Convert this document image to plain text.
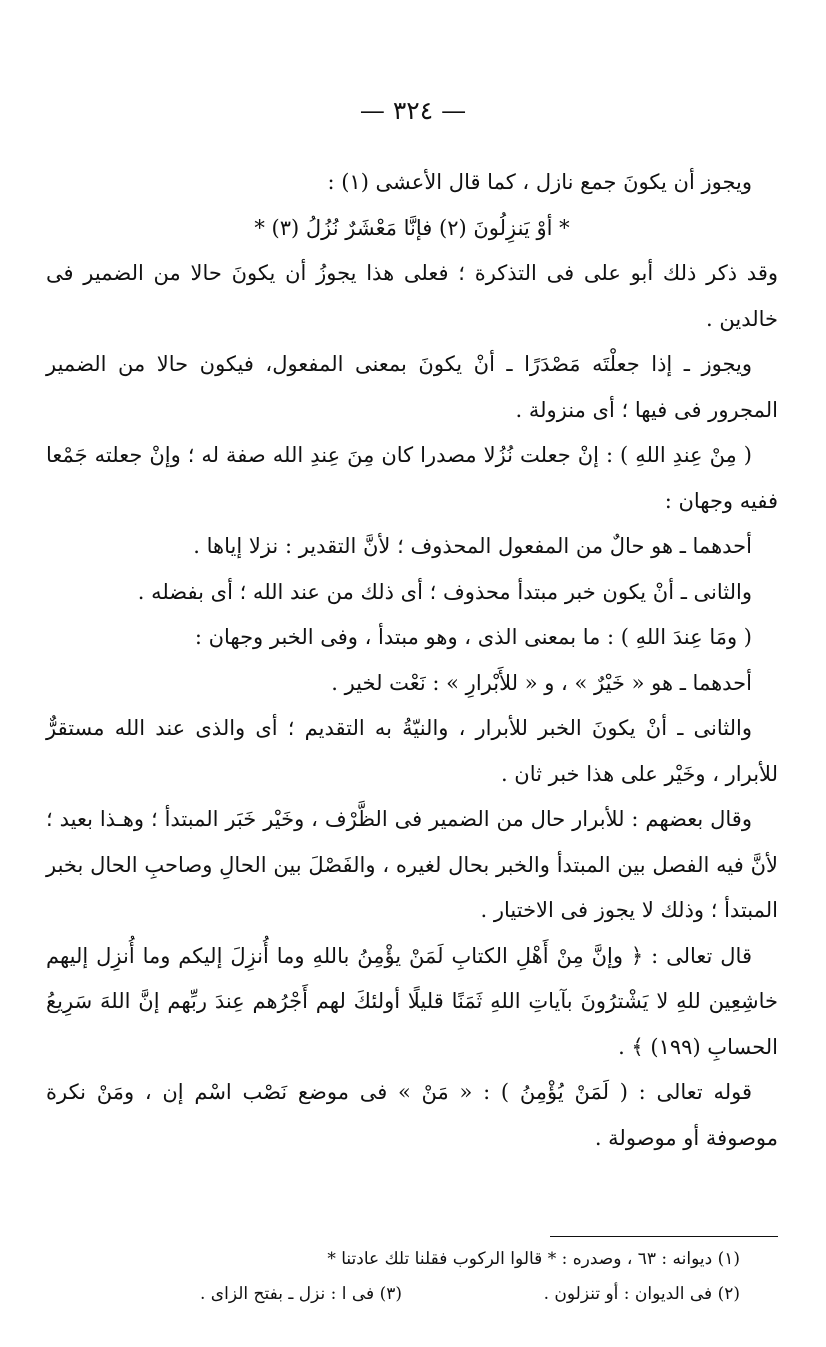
— ٣٢٤ —

ويجوز أن يكونَ جمع نازل ، كما قال الأعشى (١) :

* أوْ يَنزِلُونَ (٢) فإنَّا مَعْشَرٌ نُزُلُ (٣) *

وقد ذكر ذلك أبو على فى التذكرة ؛ فعلى هذا يجوزُ أن يكونَ حالا من الضمير فى خالدين .

ويجوز ـ إذا جعلْتَه مَصْدَرًا ـ أنْ يكونَ بمعنى المفعول، فيكون حالا من الضمير المجرور فى فيها ؛ أى منزولة .

( مِنْ عِندِ اللهِ ) : إنْ جعلت نُزُلا مصدرا كان مِنَ عِندِ الله صفة له ؛ وإنْ جعلته جَمْعا ففيه وجهان :

أحدهما ـ هو حالٌ من المفعول المحذوف ؛ لأنَّ التقدير : نزلا إياها .

والثانى ـ أنْ يكون خبر مبتدأ محذوف ؛ أى ذلك من عند الله ؛ أى بفضله .

( ومَا عِندَ اللهِ ) : ما بمعنى الذى ، وهو مبتدأ ، وفى الخبر وجهان :

أحدهما ـ هو « خَيْرٌ » ، و « للأَبْرارِ » : نَعْت لخير .

والثانى ـ أنْ يكونَ الخبر للأبرار ، والنيّةُ به التقديم ؛ أى والذى عند الله مستقرٌّ للأبرار ، وخَيْر على هذا خبر ثان .

وقال بعضهم : للأبرار حال من الضمير فى الظَّرْف ، وخَيْر خَبَر المبتدأ ؛ وهـذا بعيد ؛ لأنَّ فيه الفصل بين المبتدأ والخبر بحال لغيره ، والفَصْلَ بين الحالِ وصاحبِ الحال بخبر المبتدأ ؛ وذلك لا يجوز فى الاختيار .

قال تعالى : ﴿ وإنَّ مِنْ أَهْلِ الكتابِ لَمَنْ يؤْمِنُ باللهِ وما أُنزِلَ إليكم وما أُنزِل إليهم خاشِعِين للهِ لا يَشْترُونَ بآياتِ اللهِ ثَمَنًا قليلًا أولئكَ لهم أَجْرُهم عِندَ ربِّهم إنَّ اللهَ سَرِيعُ الحسابِ (١٩٩) ﴾ .

قوله تعالى : ( لَمَنْ يُؤْمِنُ ) : « مَنْ » فى موضع نَصْب اسْم إن ، ومَنْ نكرة موصوفة أو موصولة .

(١) ديوانه : ٦٣ ، وصدره : * قالوا الركوب فقلنا تلك عادتنا *
(٢) فى الديوان : أو تنزلون .
(٣) فى ا : نزل ـ بفتح الزاى .
